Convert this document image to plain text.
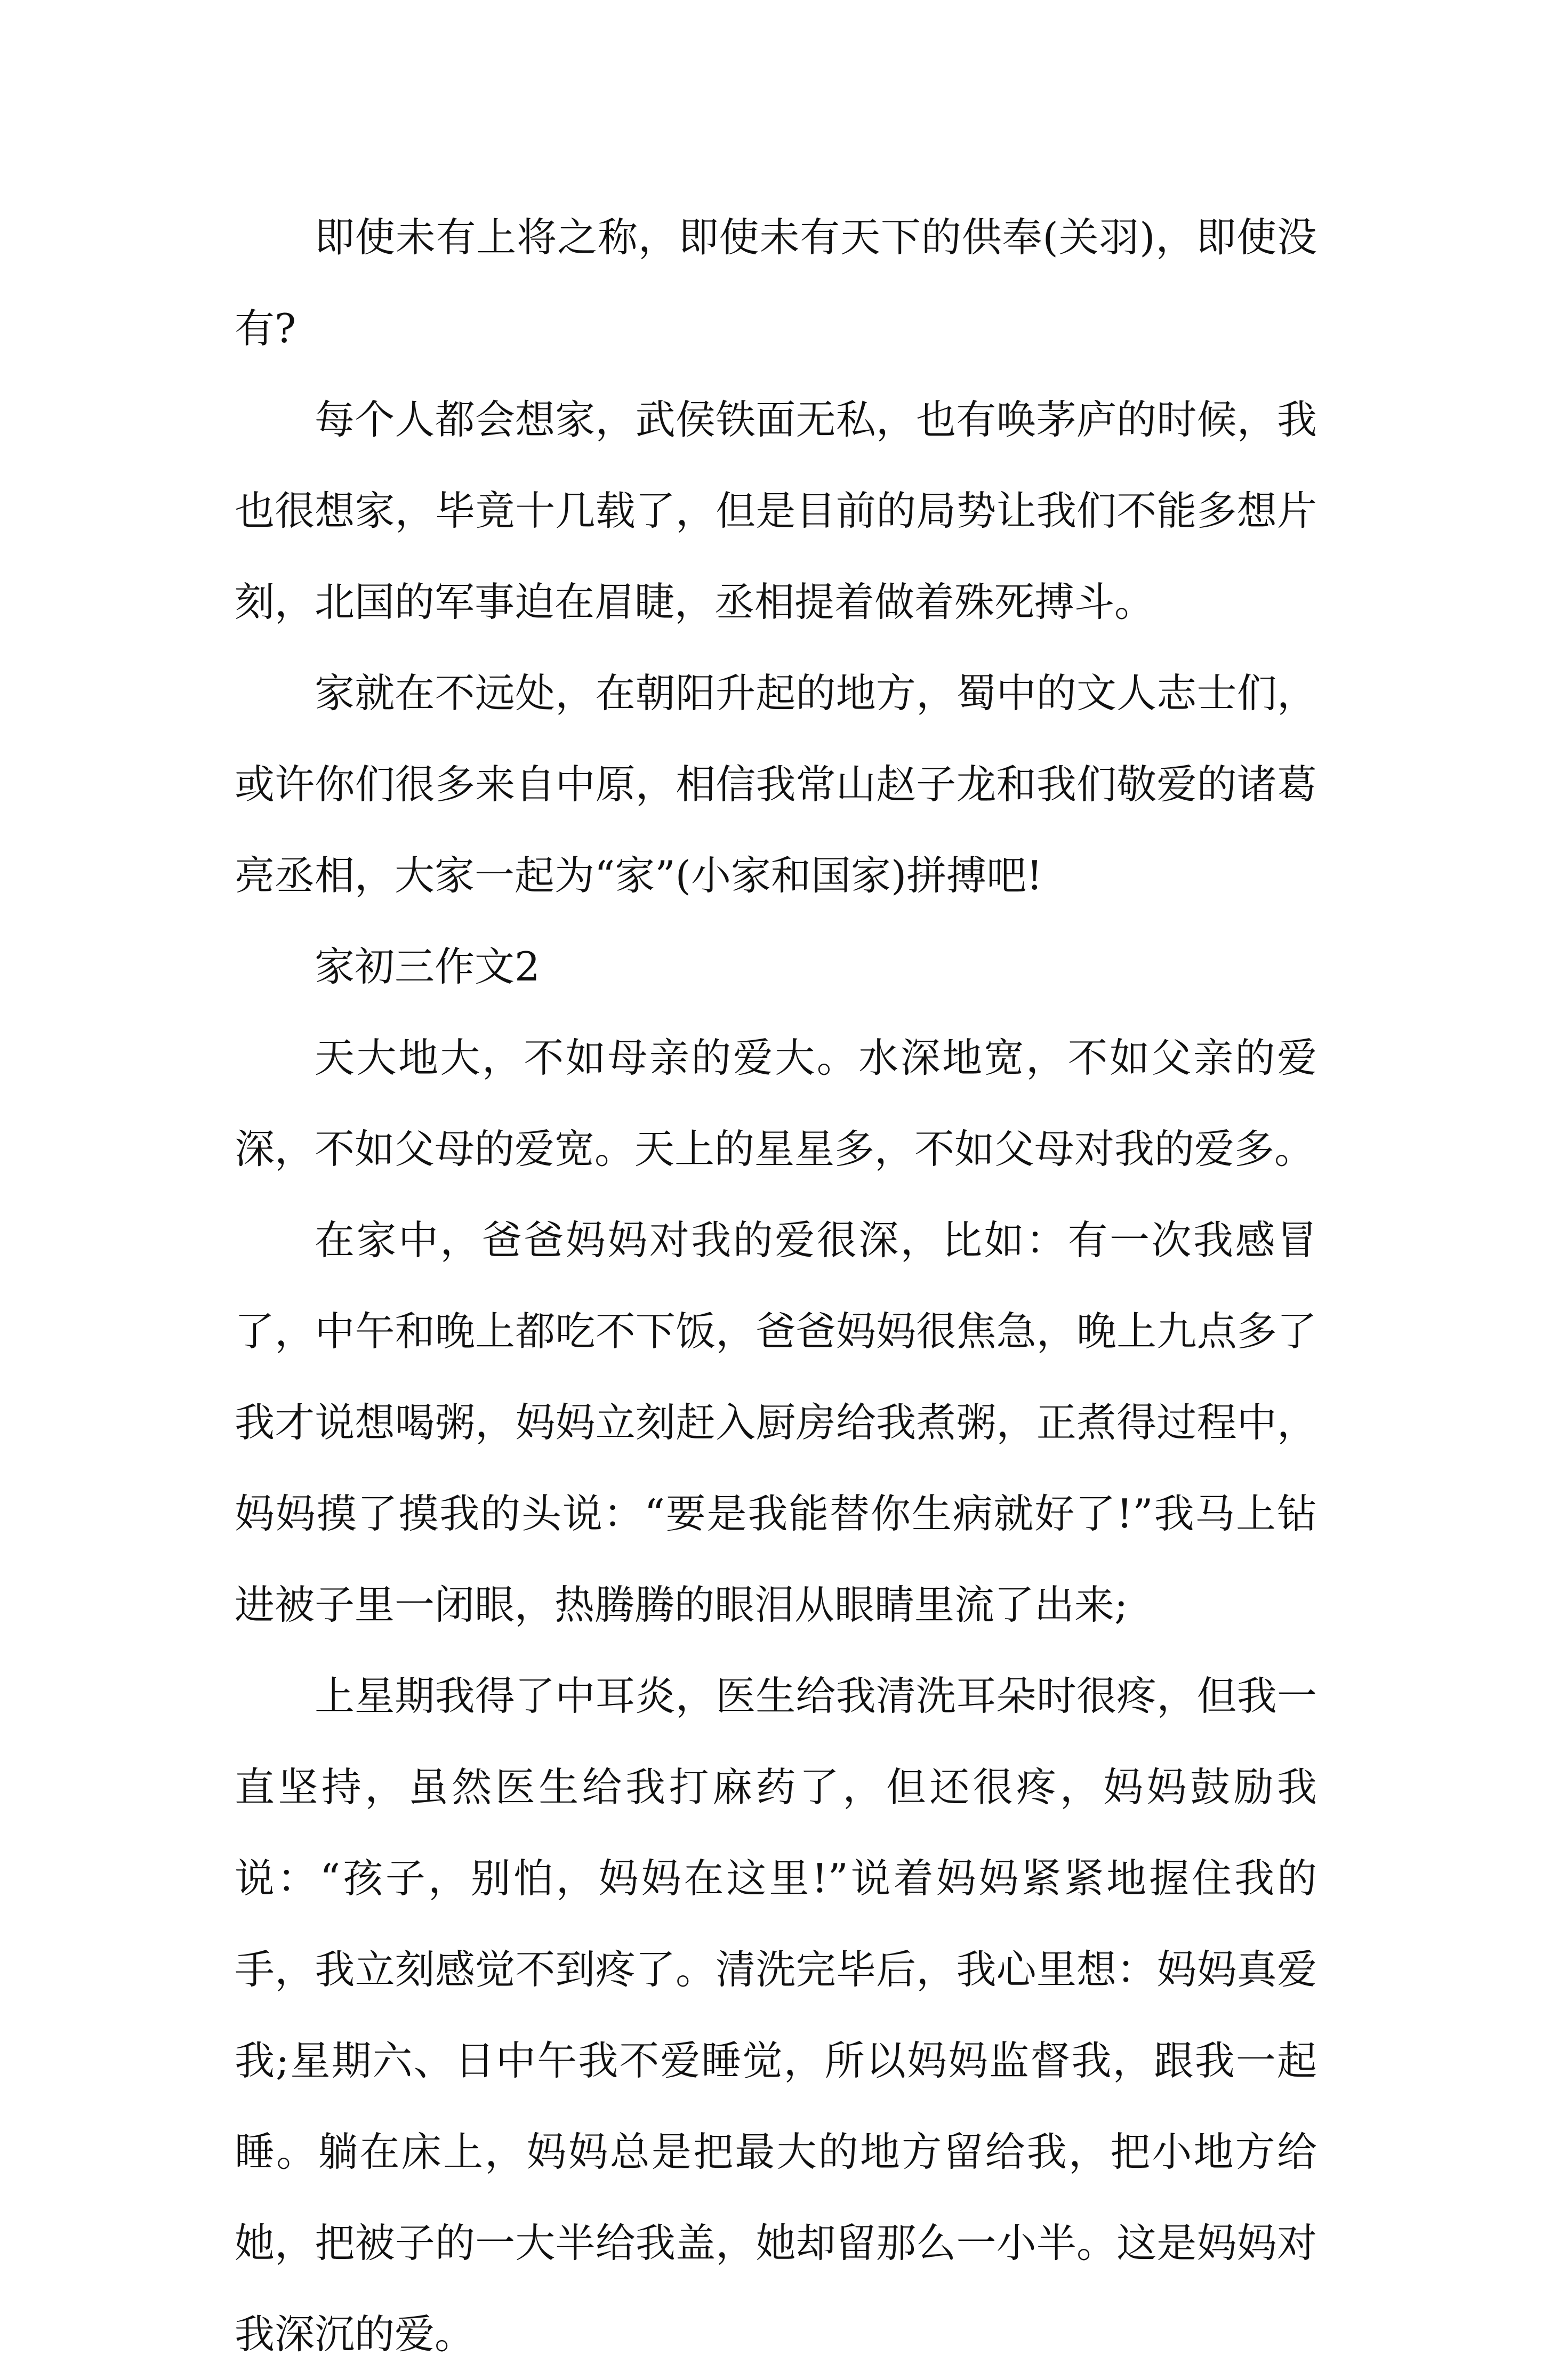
即使未有上将之称，即使未有天下的供奉(关羽)，即使没有?

每个人都会想家，武侯铁面无私，也有唤茅庐的时候，我也很想家，毕竟十几载了，但是目前的局势让我们不能多想片刻，北国的军事迫在眉睫，丞相提着做着殊死搏斗。

家就在不远处，在朝阳升起的地方，蜀中的文人志士们，或许你们很多来自中原，相信我常山赵子龙和我们敬爱的诸葛亮丞相，大家一起为“家”(小家和国家)拼搏吧!

家初三作文2

天大地大，不如母亲的爱大。水深地宽，不如父亲的爱深，不如父母的爱宽。天上的星星多，不如父母对我的爱多。

在家中，爸爸妈妈对我的爱很深，比如：有一次我感冒了，中午和晚上都吃不下饭，爸爸妈妈很焦急，晚上九点多了我才说想喝粥，妈妈立刻赶入厨房给我煮粥，正煮得过程中，妈妈摸了摸我的头说：“要是我能替你生病就好了!”我马上钻进被子里一闭眼，热腾腾的眼泪从眼睛里流了出来;

上星期我得了中耳炎，医生给我清洗耳朵时很疼，但我一直坚持，虽然医生给我打麻药了，但还很疼，妈妈鼓励我说：“孩子，别怕，妈妈在这里!”说着妈妈紧紧地握住我的手，我立刻感觉不到疼了。清洗完毕后，我心里想：妈妈真爱我;星期六、日中午我不爱睡觉，所以妈妈监督我，跟我一起睡。躺在床上，妈妈总是把最大的地方留给我，把小地方给她，把被子的一大半给我盖，她却留那么一小半。这是妈妈对我深沉的爱。
